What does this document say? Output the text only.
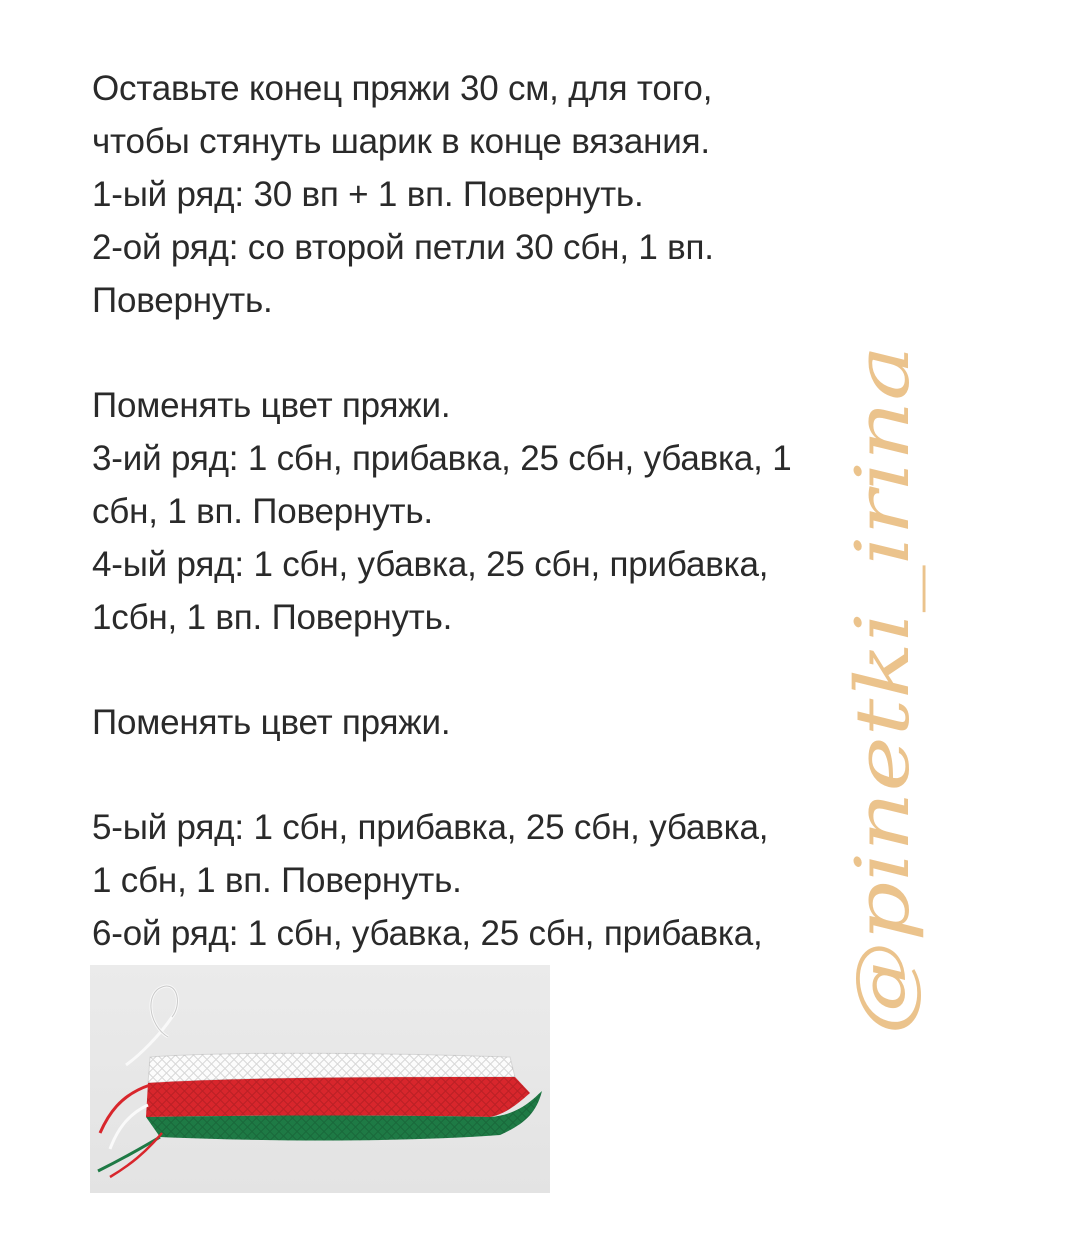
Оставьте конец пряжи 30 см, для того,
чтобы стянуть шарик в конце вязания.
1-ый ряд: 30 вп + 1 вп. Повернуть.
2-ой ряд: со второй петли 30 сбн, 1 вп.
Повернуть.
Поменять цвет пряжи.
3-ий ряд: 1 сбн, прибавка, 25 сбн, убавка, 1
сбн, 1 вп. Повернуть.
4-ый ряд: 1 сбн, убавка, 25 сбн, прибавка,
1сбн, 1 вп. Повернуть.
Поменять цвет пряжи.
5-ый ряд: 1 сбн, прибавка, 25 сбн, убавка,
1 сбн, 1 вп. Повернуть.
6-ой ряд: 1 сбн, убавка, 25 сбн, прибавка,	@pinetki_irina
